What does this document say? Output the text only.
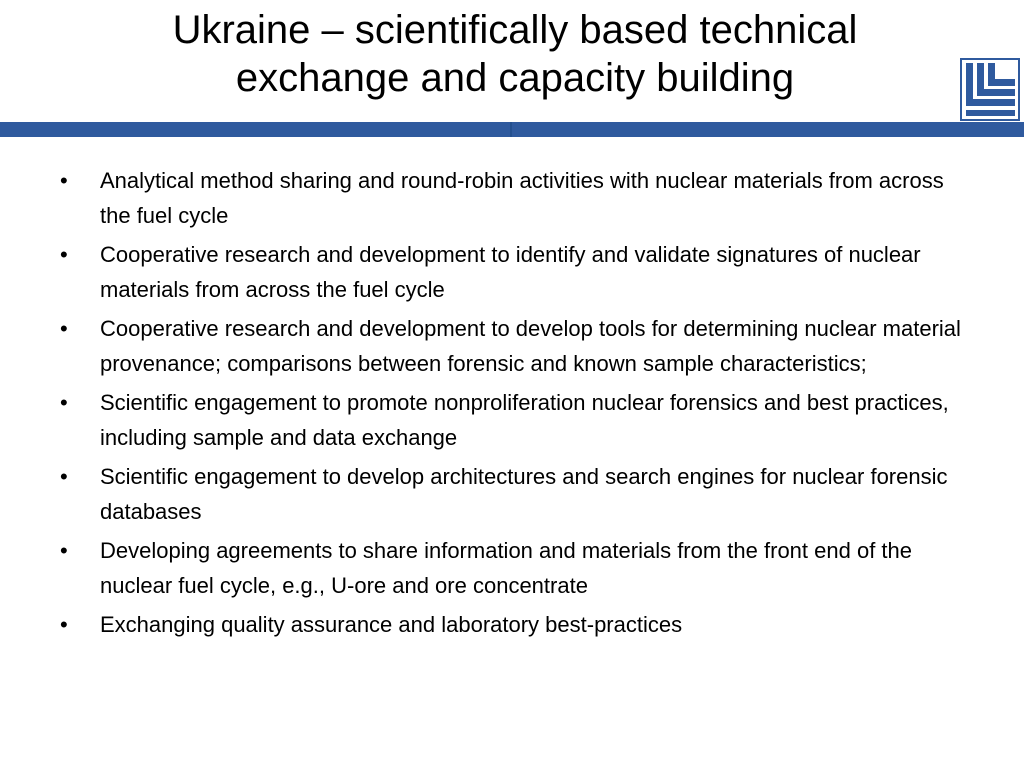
Ukraine – scientifically based technical
exchange and capacity building
•	Analytical method sharing and round-robin activities with nuclear materials from across the fuel cycle
•	Cooperative research and development to identify and validate signatures of nuclear materials from across the fuel cycle
•	Cooperative research and development to develop tools for determining nuclear material provenance; comparisons between forensic and known sample characteristics;
•	Scientific engagement to promote nonproliferation nuclear forensics and best practices, including sample and data exchange
•	Scientific engagement to develop architectures and search engines for nuclear forensic databases
•	Developing agreements to share information and materials from the front end of the nuclear fuel cycle, e.g., U-ore and ore concentrate
•	Exchanging quality assurance and laboratory best-practices
